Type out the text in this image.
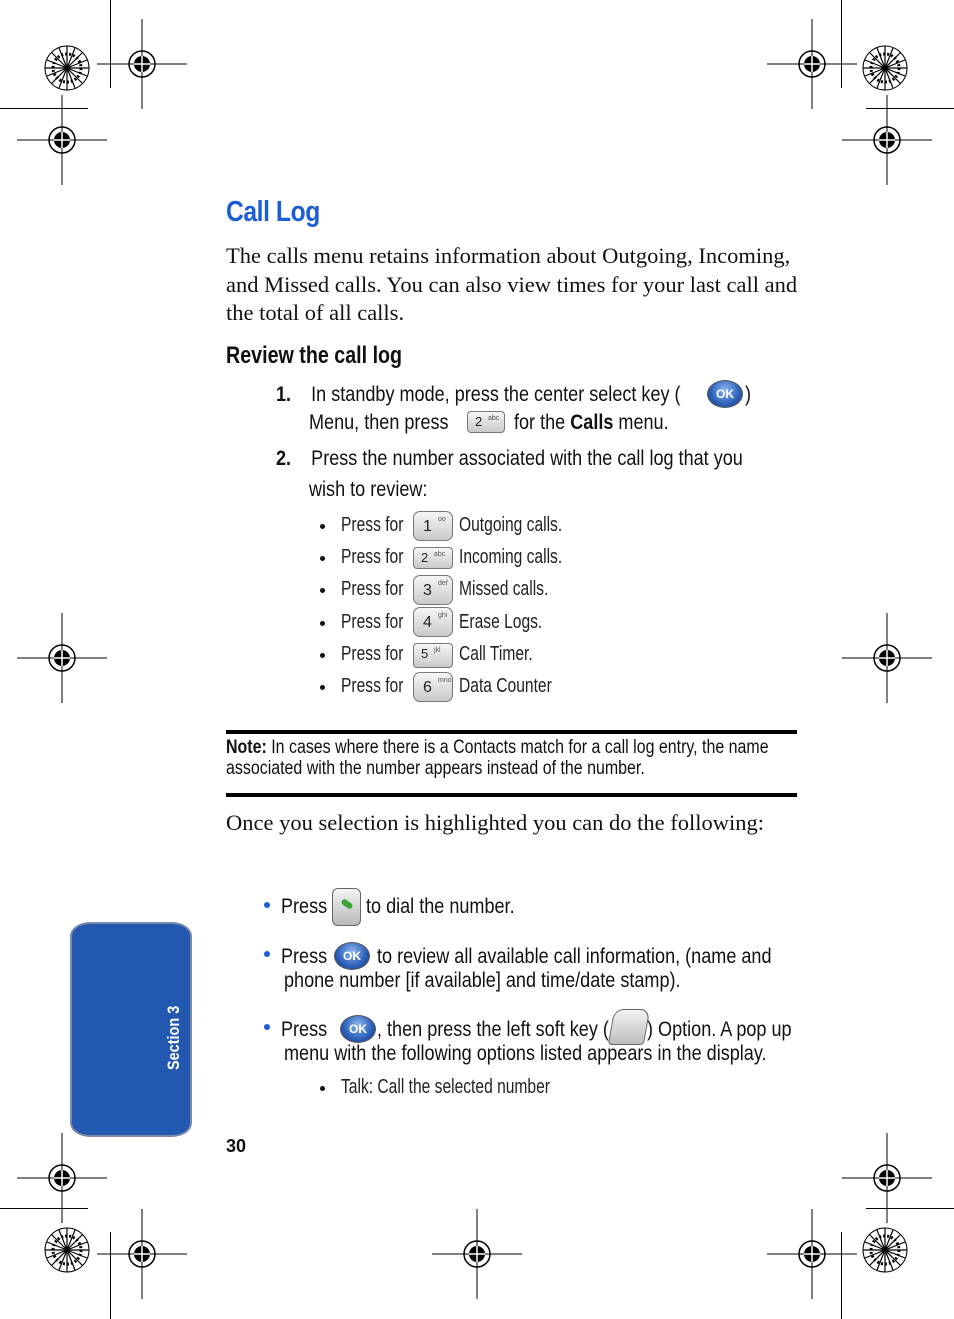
Call Log
The calls menu retains information about Outgoing, Incoming, and Missed calls. You can also view times for your last call and the total of all calls.
Review the call log
1. In standby mode, press the center select key (	OK )
Menu, then press 2 abc for the Calls menu.
2. Press the number associated with the call log that you
wish to review:
Press for 1 oo Outgoing calls.
Press for 2 abc Incoming calls.
Press for 3 def Missed calls.
Press for 4 ghi Erase Logs.
Press for 5 jkl Call Timer.
Press for 6 mno Data Counter
Note: In cases where there is a Contacts match for a call log entry, the name associated with the number appears instead of the number.
Once you selection is highlighted you can do the following:
Press to dial the number.
Press	OK to review all available call information, (name and
phone number [if available] and time/date stamp).
Press	OK , then press the left soft key ( ) Option. A pop up
menu with the following options listed appears in the display.
Talk: Call the selected number
Section 3
30
